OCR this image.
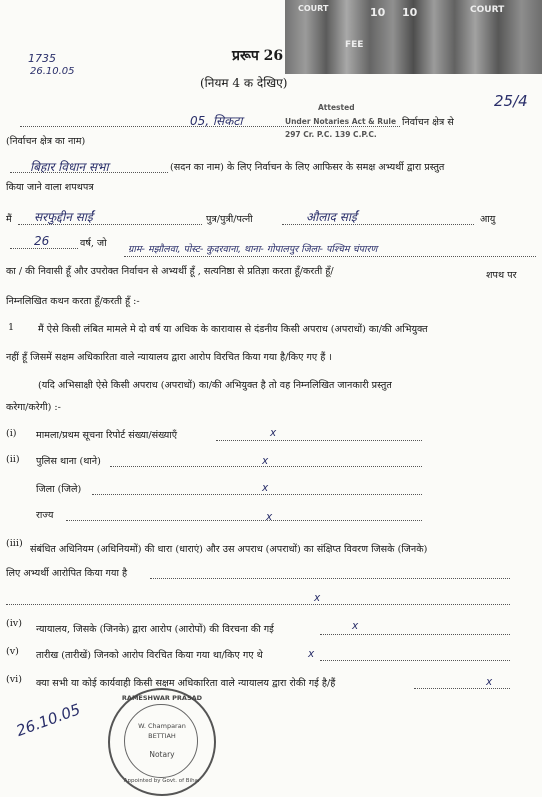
COURT
FEE
10 10	COURT
1735
26.10.05
25/4
प्ररूप 26
(नियम 4 क देखिए)
05, सिकटा	निर्वाचन क्षेत्र से
(निर्वाचन क्षेत्र का नाम)
Attested
Under Notaries Act & Rule
297 Cr. P.C. 139 C.P.C.
बिहार विधान सभा	(सदन का नाम) के लिए निर्वाचन के लिए आफिसर के समक्ष अभ्यर्थी द्वारा प्रस्तुत
किया जाने वाला शपथपत्र
मैं सरफुद्दीन साईं	पुत्र/पुत्री/पत्नी	औलाद साईं	आयु
26	वर्ष, जो
ग्राम- मझौलवा, पोस्ट- कुदरवाना, थाना- गोपालपुर जिला- पश्चिम चंपारण
का / की निवासी हूँ और उपरोक्त निर्वाचन से अभ्यर्थी हूँ , सत्यनिष्ठा से प्रतिज्ञा करता हूँ/करती हूँ/	शपथ पर
निम्नलिखित कथन करता हूँ/करती हूँ :-
1 मैं ऐसे किसी लंबित मामले मे दो वर्ष या अधिक के कारावास से दंडनीय किसी अपराध (अपराधों) का/की अभियुक्त
नहीं हूँ जिसमें सक्षम अधिकारिता वाले न्यायालय द्वारा आरोप विरचित किया गया है/किए गए हैं ।
(यदि अभिसाक्षी ऐसे किसी अपराध (अपराधों) का/की अभियुक्त है तो वह निम्नलिखित जानकारी प्रस्तुत
करेगा/करेगी) :-
(i) मामला/प्रथम सूचना रिपोर्ट संख्या/संख्याएँ	x
(ii) पुलिस थाना (थाने)	x
जिला (जिले)	x
राज्य	x
(iii)
संबंधित अधिनियम (अधिनियमों) की धारा (धाराएं) और उस अपराध (अपराधों) का संक्षिप्त विवरण जिसके (जिनके)
लिए अभ्यर्थी आरोपित किया गया है
x
(iv)
न्यायालय, जिसके (जिनके) द्वारा आरोप (आरोपों) की विरचना की गई	x
(v) तारीख (तारीखें) जिनको आरोप विरचित किया गया था/किए गए थे	x
(vi) क्या सभी या कोई कार्यवाही किसी सक्षम अधिकारिता वाले न्यायालय द्वारा रोकी गई है/हैं	x
26.10.05
RAMESHWAR PRASAD
W. Champaran
BETTIAH
Notary
Appointed by Govt. of Bihar
